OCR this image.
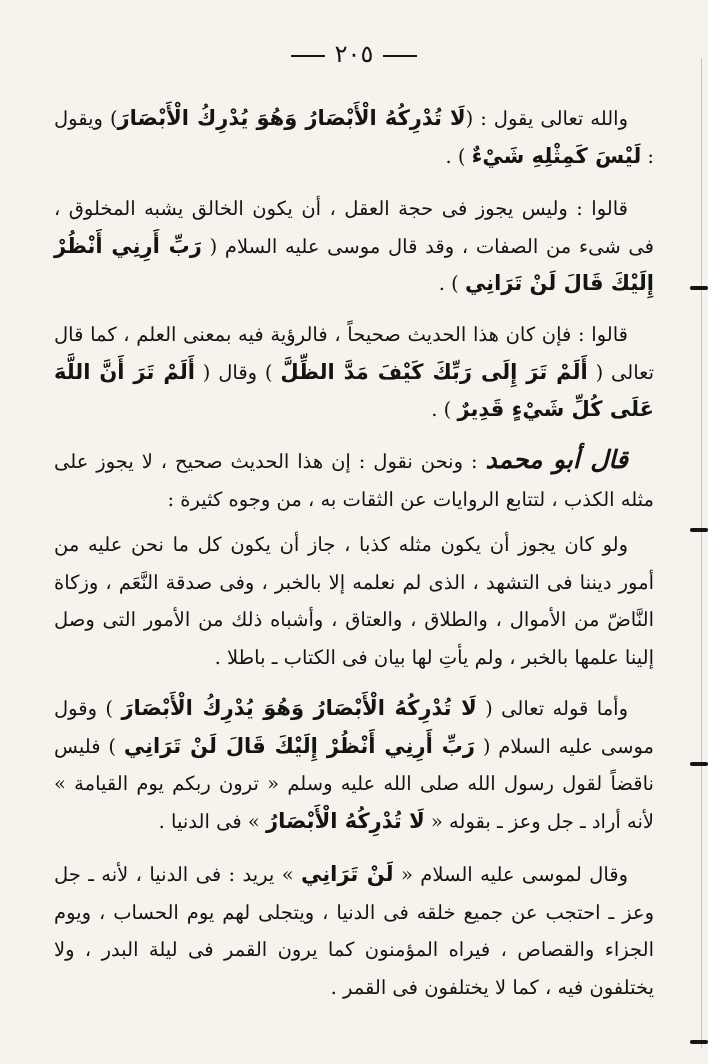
٢٠٥

والله تعالى يقول : (لَا تُدْرِكُهُ الْأَبْصَارُ وَهُوَ يُدْرِكُ الْأَبْصَارَ) ويقول : لَيْسَ كَمِثْلِهِ شَيْءٌ ) .

قالوا : وليس يجوز فى حجة العقل ، أن يكون الخالق يشبه المخلوق ، فى شىء من الصفات ، وقد قال موسى عليه السلام ( رَبِّ أَرِنِي أَنْظُرْ إِلَيْكَ قَالَ لَنْ تَرَانِي ) .

قالوا : فإن كان هذا الحديث صحيحاً ، فالرؤية فيه بمعنى العلم ، كما قال تعالى ( أَلَمْ تَرَ إِلَى رَبِّكَ كَيْفَ مَدَّ الظِّلَّ ) وقال ( أَلَمْ تَرَ أَنَّ اللَّهَ عَلَى كُلِّ شَيْءٍ قَدِيرٌ ) .

قال أبو محمد : ونحن نقول : إن هذا الحديث صحيح ، لا يجوز على مثله الكذب ، لتتابع الروايات عن الثقات به ، من وجوه كثيرة :

ولو كان يجوز أن يكون مثله كذبا ، جاز أن يكون كل ما نحن عليه من أمور ديننا فى التشهد ، الذى لم نعلمه إلا بالخبر ، وفى صدقة النَّعَم ، وزكاة النَّاضّ من الأموال ، والطلاق ، والعتاق ، وأشباه ذلك من الأمور التى وصل إلينا علمها بالخبر ، ولم يأتِ لها بيان فى الكتاب ـ باطلا .

وأما قوله تعالى ( لَا تُدْرِكُهُ الْأَبْصَارُ وَهُوَ يُدْرِكُ الْأَبْصَارَ ) وقول موسى عليه السلام ( رَبِّ أَرِنِي أَنْظُرْ إِلَيْكَ قَالَ لَنْ تَرَانِي ) فليس ناقضاً لقول رسول الله صلى الله عليه وسلم « ترون ربكم يوم القيامة » لأنه أراد ـ جل وعز ـ بقوله « لَا تُدْرِكُهُ الْأَبْصَارُ » فى الدنيا .

وقال لموسى عليه السلام « لَنْ تَرَانِي » يريد : فى الدنيا ، لأنه ـ جل وعز ـ احتجب عن جميع خلقه فى الدنيا ، ويتجلى لهم يوم الحساب ، ويوم الجزاء والقصاص ، فيراه المؤمنون كما يرون القمر فى ليلة البدر ، ولا يختلفون فيه ، كما لا يختلفون فى القمر .
